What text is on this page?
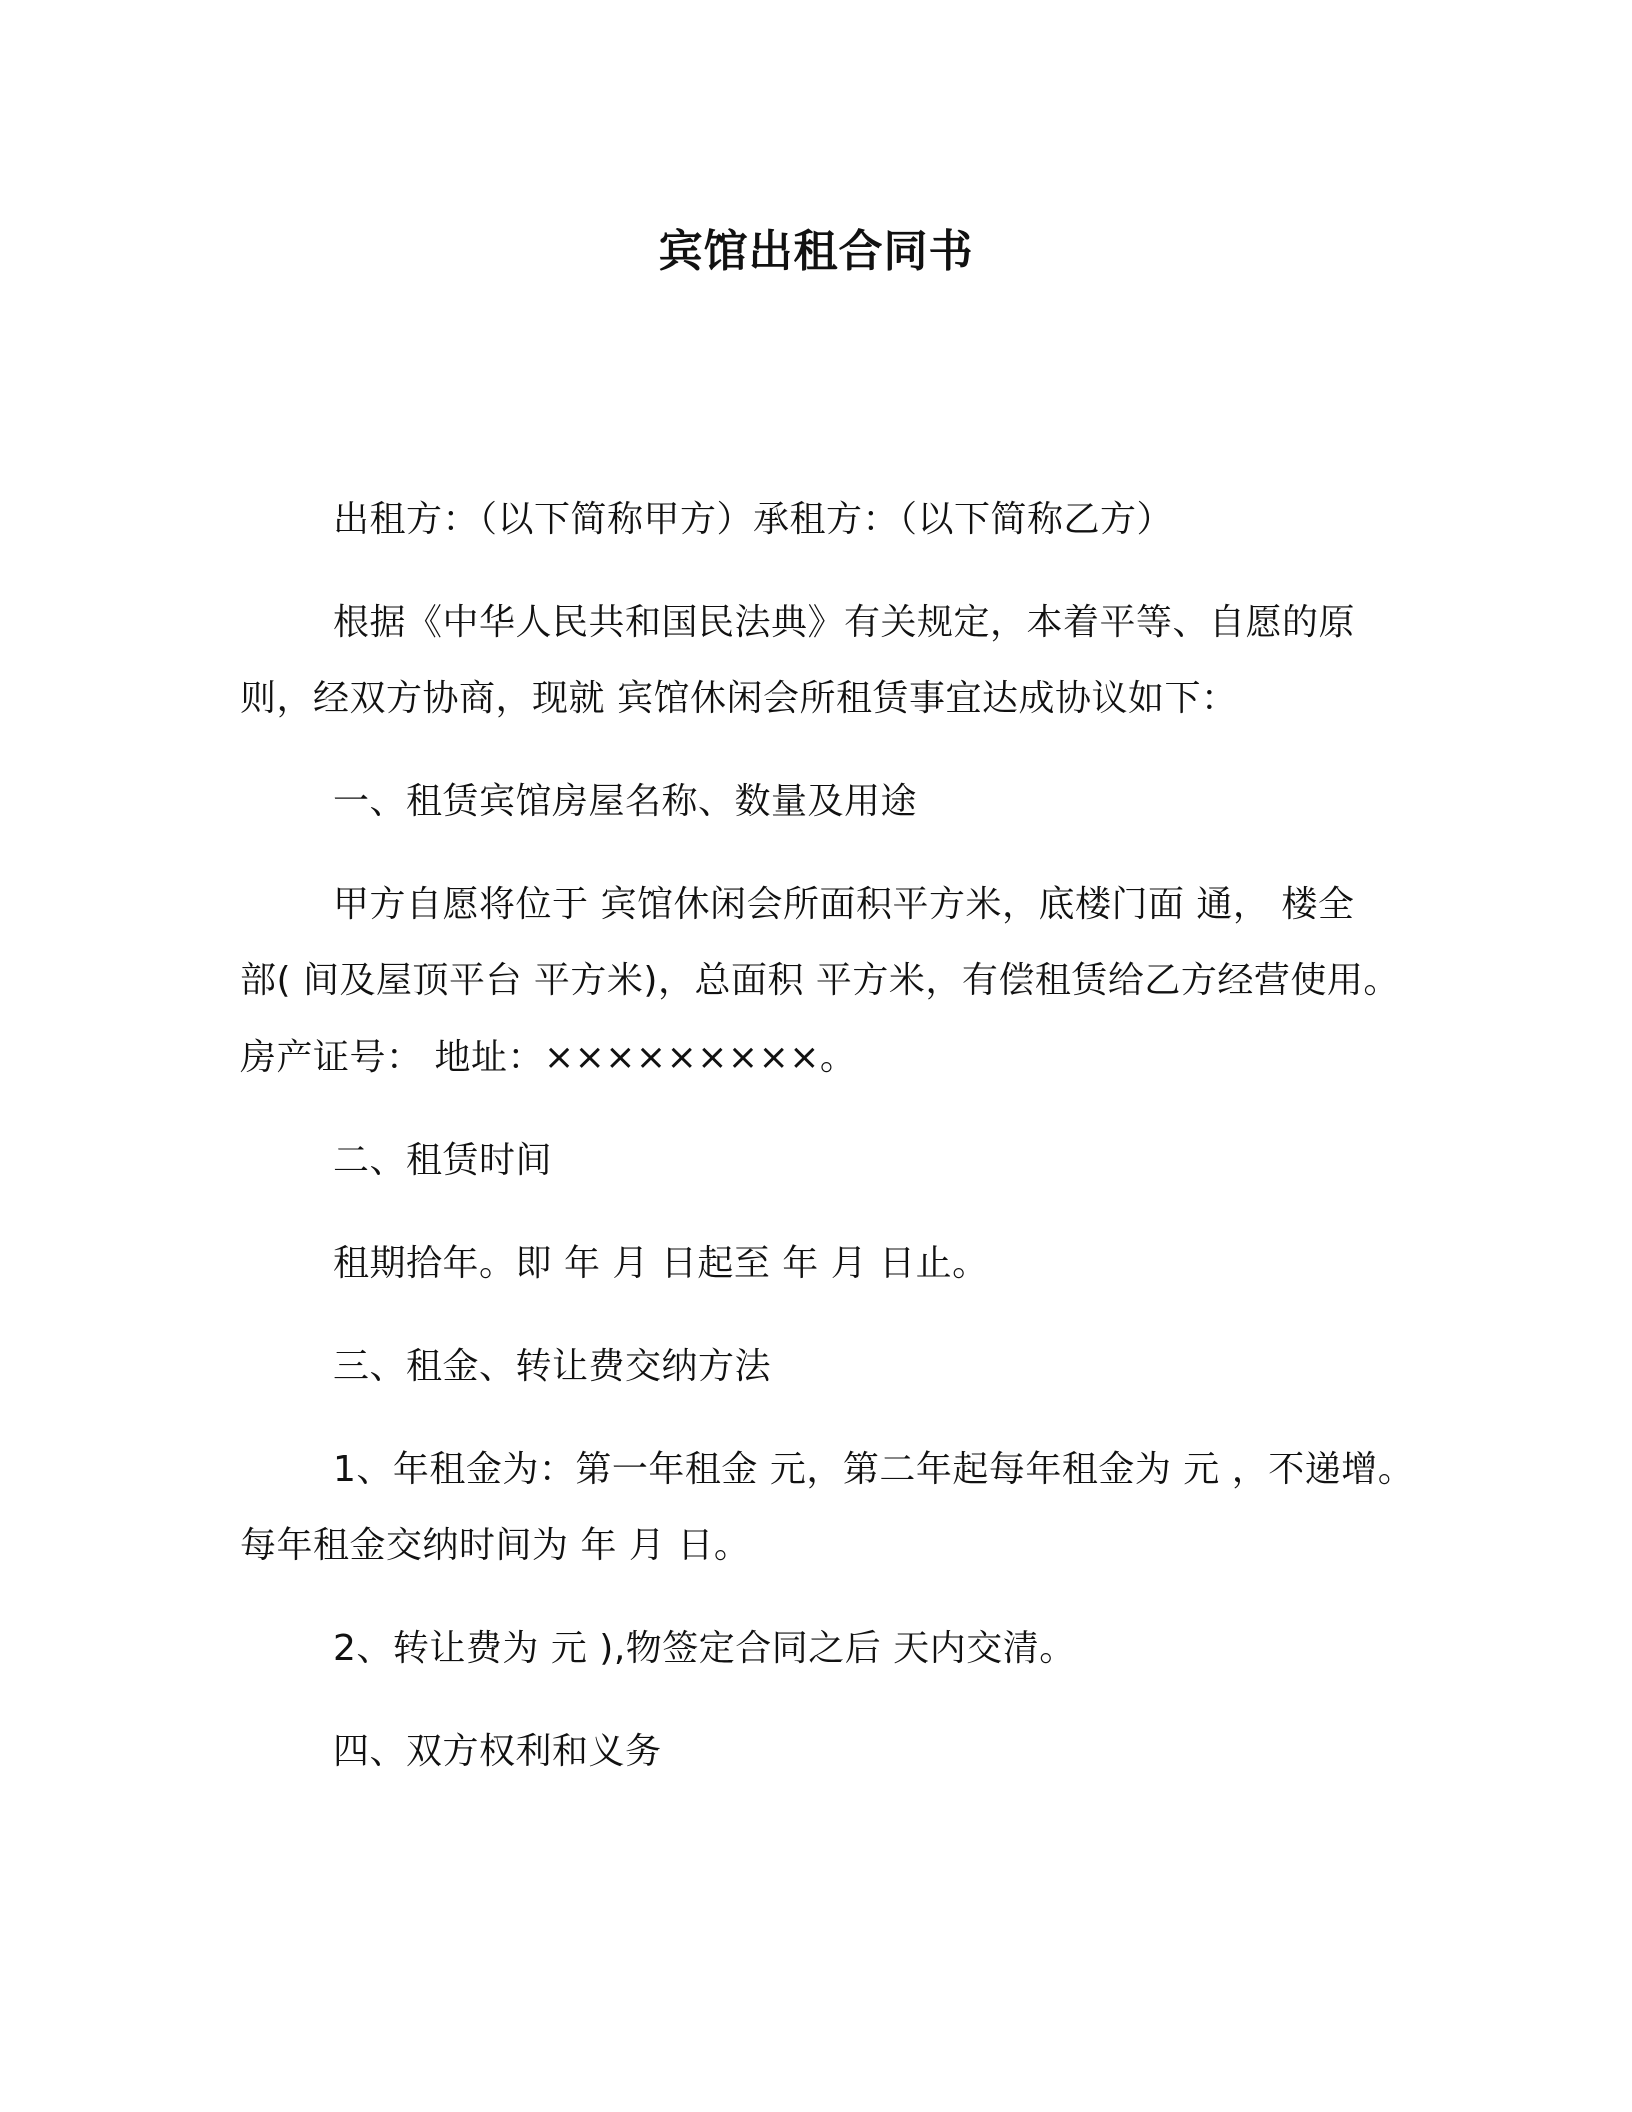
宾馆出租合同书
出租方：（以下简称甲方）承租方：（以下简称乙方）
根据《中华人民共和国民法典》有关规定，本着平等、自愿的原
则，经双方协商，现就 宾馆休闲会所租赁事宜达成协议如下：
一、租赁宾馆房屋名称、数量及用途
甲方自愿将位于 宾馆休闲会所面积平方米，底楼门面 通， 楼全
部( 间及屋顶平台 平方米)，总面积 平方米，有偿租赁给乙方经营使用。
房产证号： 地址：×××××××××。
二、租赁时间
租期拾年。即 年 月 日起至 年 月 日止。
三、租金、转让费交纳方法
1、年租金为：第一年租金 元，第二年起每年租金为 元 ，不递增。
每年租金交纳时间为 年 月 日。
2、转让费为 元 ),物签定合同之后 天内交清。
四、双方权利和义务
